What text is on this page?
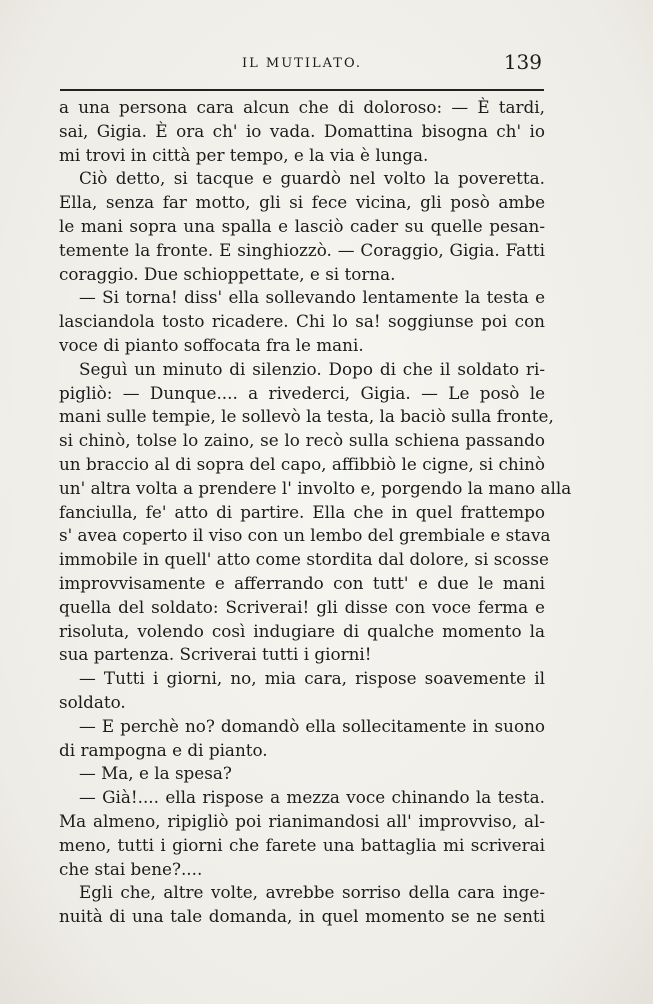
IL MUTILATO.	139
a una persona cara alcun che di doloroso: — È tardi,
sai, Gigia. È ora ch' io vada. Domattina bisogna ch' io
mi trovi in città per tempo, e la via è lunga.
Ciò detto, si tacque e guardò nel volto la poveretta.
Ella, senza far motto, gli si fece vicina, gli posò ambe
le mani sopra una spalla e lasciò cader su quelle pesan-
temente la fronte. E singhiozzò. — Coraggio, Gigia. Fatti
coraggio. Due schioppettate, e si torna.
— Si torna! diss' ella sollevando lentamente la testa e
lasciandola tosto ricadere. Chi lo sa! soggiunse poi con
voce di pianto soffocata fra le mani.
Seguì un minuto di silenzio. Dopo di che il soldato ri-
pigliò: — Dunque.... a rivederci, Gigia. — Le posò le
mani sulle tempie, le sollevò la testa, la baciò sulla fronte,
si chinò, tolse lo zaino, se lo recò sulla schiena passando
un braccio al di sopra del capo, affibbiò le cigne, si chinò
un' altra volta a prendere l' involto e, porgendo la mano alla
fanciulla, fe' atto di partire. Ella che in quel frattempo
s' avea coperto il viso con un lembo del grembiale e stava
immobile in quell' atto come stordita dal dolore, si scosse
improvvisamente e afferrando con tutt' e due le mani
quella del soldato: Scriverai! gli disse con voce ferma e
risoluta, volendo così indugiare di qualche momento la
sua partenza. Scriverai tutti i giorni!
— Tutti i giorni, no, mia cara, rispose soavemente il
soldato.
— E perchè no? domandò ella sollecitamente in suono
di rampogna e di pianto.
— Ma, e la spesa?
— Già!.... ella rispose a mezza voce chinando la testa.
Ma almeno, ripigliò poi rianimandosi all' improvviso, al-
meno, tutti i giorni che farete una battaglia mi scriverai
che stai bene?....
Egli che, altre volte, avrebbe sorriso della cara inge-
nuità di una tale domanda, in quel momento se ne senti
